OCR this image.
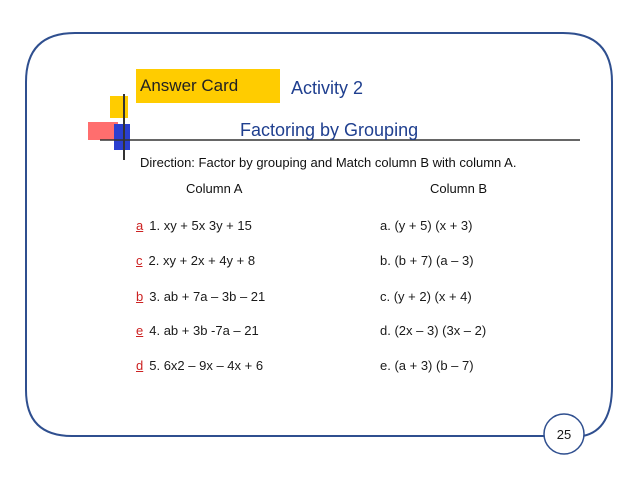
Answer Card	Activity 2
Factoring by Grouping
Direction: Factor by grouping and Match column B with column A.
Column A	Column B
a 1. xy + 5x 3y + 15	a. (y + 5) (x + 3)
c 2. xy + 2x + 4y + 8	b. (b + 7) (a – 3)
b 3. ab + 7a – 3b – 21	c. (y + 2) (x + 4)
e 4. ab + 3b -7a – 21	d. (2x – 3) (3x – 2)
d 5. 6x2 – 9x – 4x + 6	e. (a + 3) (b – 7)
25
